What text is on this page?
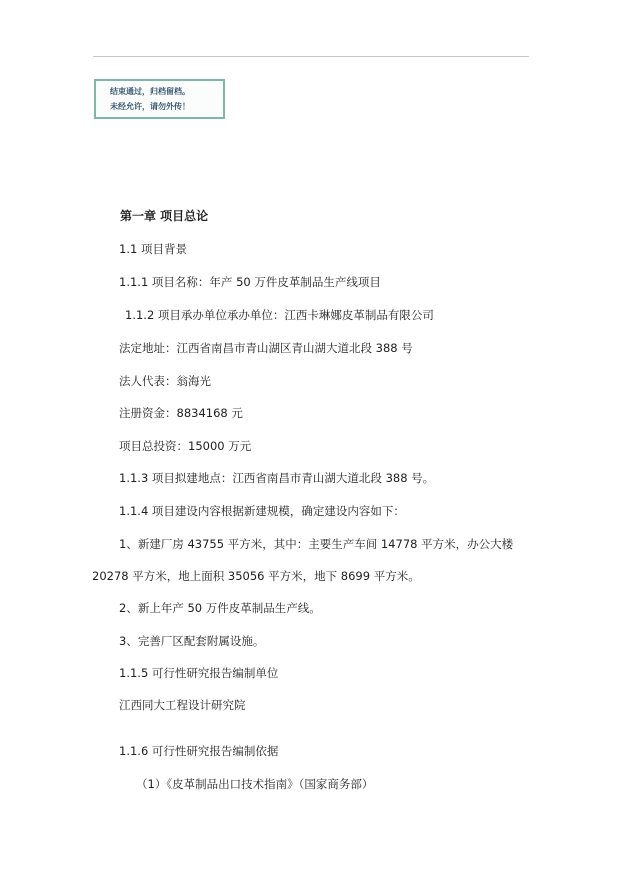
结束通过，归档留档。
未经允许，请勿外传！
第一章 项目总论
1.1 项目背景
1.1.1 项目名称：年产 50 万件皮革制品生产线项目
1.1.2 项目承办单位承办单位：江西卡琳娜皮革制品有限公司
法定地址：江西省南昌市青山湖区青山湖大道北段 388 号
法人代表：翁海光
注册资金：8834168 元
项目总投资：15000 万元
1.1.3 项目拟建地点：江西省南昌市青山湖大道北段 388 号。
1.1.4 项目建设内容根据新建规模，确定建设内容如下：
1、新建厂房 43755 平方米，其中：主要生产车间 14778 平方米，办公大楼
20278 平方米，地上面积 35056 平方米，地下 8699 平方米。
2、新上年产 50 万件皮革制品生产线。
3、完善厂区配套附属设施。
1.1.5 可行性研究报告编制单位
江西同大工程设计研究院
1.1.6 可行性研究报告编制依据
（1）《皮革制品出口技术指南》（国家商务部）
